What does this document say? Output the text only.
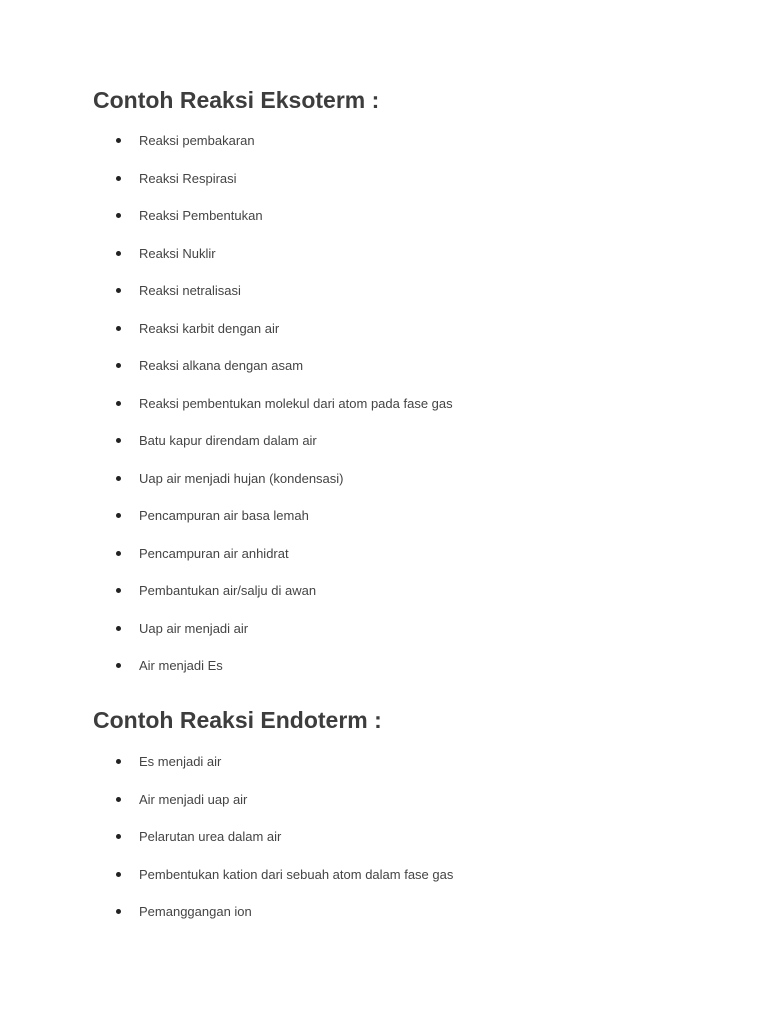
Contoh Reaksi Eksoterm :
Reaksi pembakaran
Reaksi Respirasi
Reaksi Pembentukan
Reaksi Nuklir
Reaksi netralisasi
Reaksi karbit dengan air
Reaksi alkana dengan asam
Reaksi pembentukan molekul dari atom pada fase gas
Batu kapur direndam dalam air
Uap air menjadi hujan (kondensasi)
Pencampuran air basa lemah
Pencampuran air anhidrat
Pembantukan air/salju di awan
Uap air menjadi air
Air menjadi Es
Contoh Reaksi Endoterm :
Es menjadi air
Air menjadi uap air
Pelarutan urea dalam air
Pembentukan kation dari sebuah atom dalam fase gas
Pemanggangan ion
